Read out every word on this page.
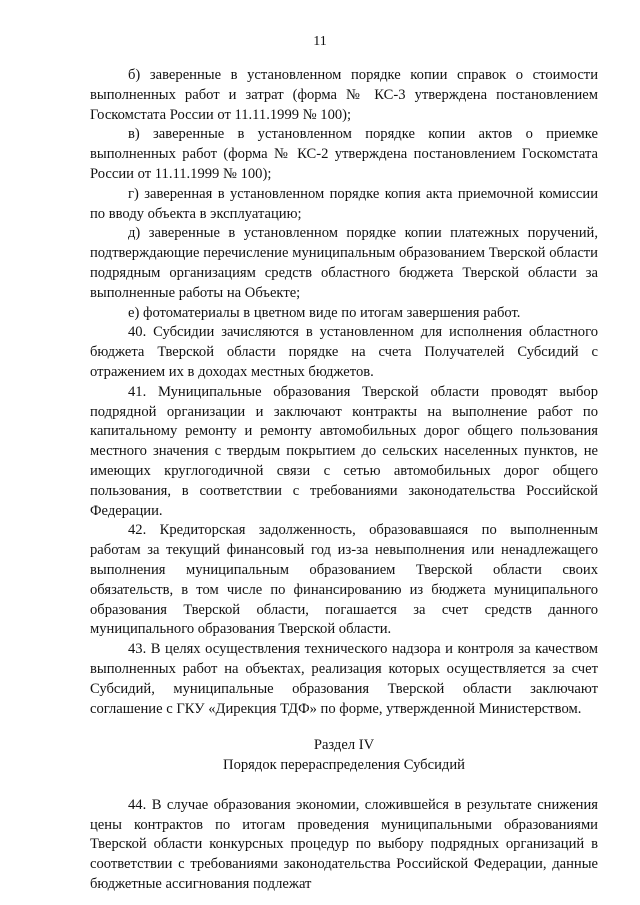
11

б) заверенные в установленном порядке копии справок о стоимости выполненных работ и затрат (форма № КС-3 утверждена постановлением Госкомстата России от 11.11.1999 № 100);

в) заверенные в установленном порядке копии актов о приемке выполненных работ (форма № КС-2 утверждена постановлением Госкомстата России от 11.11.1999 № 100);

г) заверенная в установленном порядке копия акта приемочной комиссии по вводу объекта в эксплуатацию;

д) заверенные в установленном порядке копии платежных поручений, подтверждающие перечисление муниципальным образованием Тверской области подрядным организациям средств областного бюджета Тверской области за выполненные работы на Объекте;

е) фотоматериалы в цветном виде по итогам завершения работ.

40. Субсидии зачисляются в установленном для исполнения областного бюджета Тверской области порядке на счета Получателей Субсидий с отражением их в доходах местных бюджетов.

41. Муниципальные образования Тверской области проводят выбор подрядной организации и заключают контракты на выполнение работ по капитальному ремонту и ремонту автомобильных дорог общего пользования местного значения с твердым покрытием до сельских населенных пунктов, не имеющих круглогодичной связи с сетью автомобильных дорог общего пользования, в соответствии с требованиями законодательства Российской Федерации.

42. Кредиторская задолженность, образовавшаяся по выполненным работам за текущий финансовый год из-за невыполнения или ненадлежащего выполнения муниципальным образованием Тверской области своих обязательств, в том числе по финансированию из бюджета муниципального образования Тверской области, погашается за счет средств данного муниципального образования Тверской области.

43. В целях осуществления технического надзора и контроля за качеством выполненных работ на объектах, реализация которых осуществляется за счет Субсидий, муниципальные образования Тверской области заключают соглашение с ГКУ «Дирекция ТДФ» по форме, утвержденной Министерством.

Раздел IV

Порядок перераспределения Субсидий

44. В случае образования экономии, сложившейся в результате снижения цены контрактов по итогам проведения муниципальными образованиями Тверской области конкурсных процедур по выбору подрядных организаций в соответствии с требованиями законодательства Российской Федерации, данные бюджетные ассигнования подлежат
